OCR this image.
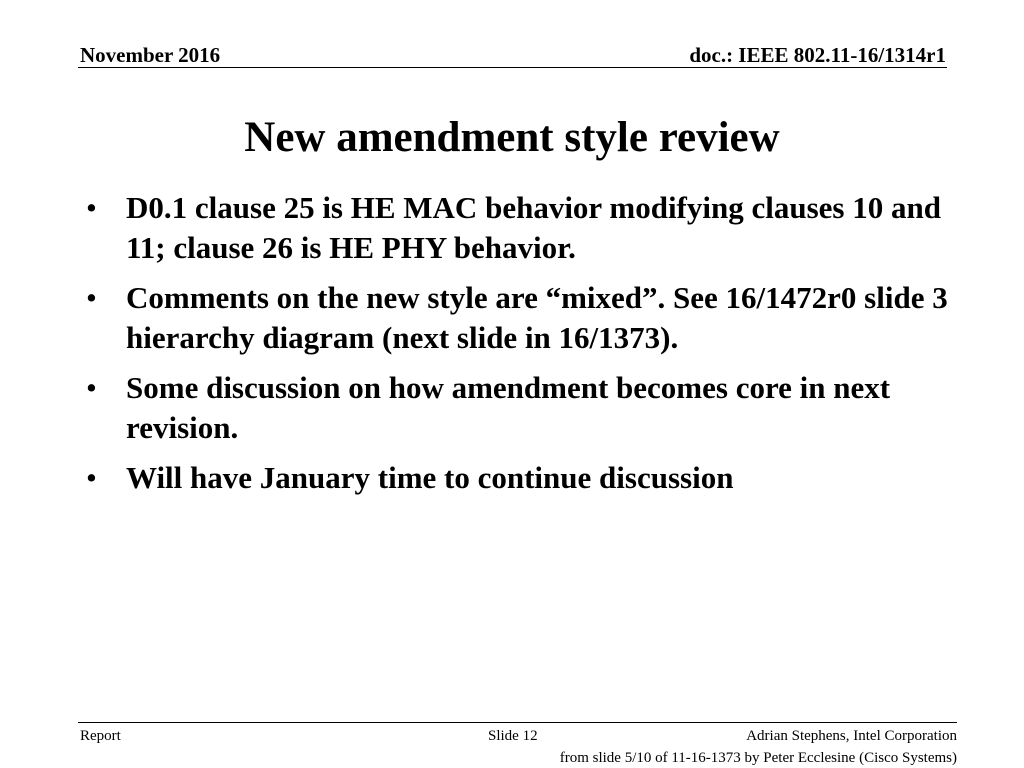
November 2016	doc.: IEEE 802.11-16/1314r1
New amendment style review
• D0.1 clause 25 is HE MAC behavior modifying clauses 10 and 11; clause 26 is HE PHY behavior.
• Comments on the new style are “mixed”. See 16/1472r0 slide 3 hierarchy diagram (next slide in 16/1373).
• Some discussion on how amendment becomes core in next revision.
• Will have January time to continue discussion
Report	Slide 12	Adrian Stephens, Intel Corporation
from slide 5/10 of 11-16-1373 by Peter Ecclesine (Cisco Systems)
